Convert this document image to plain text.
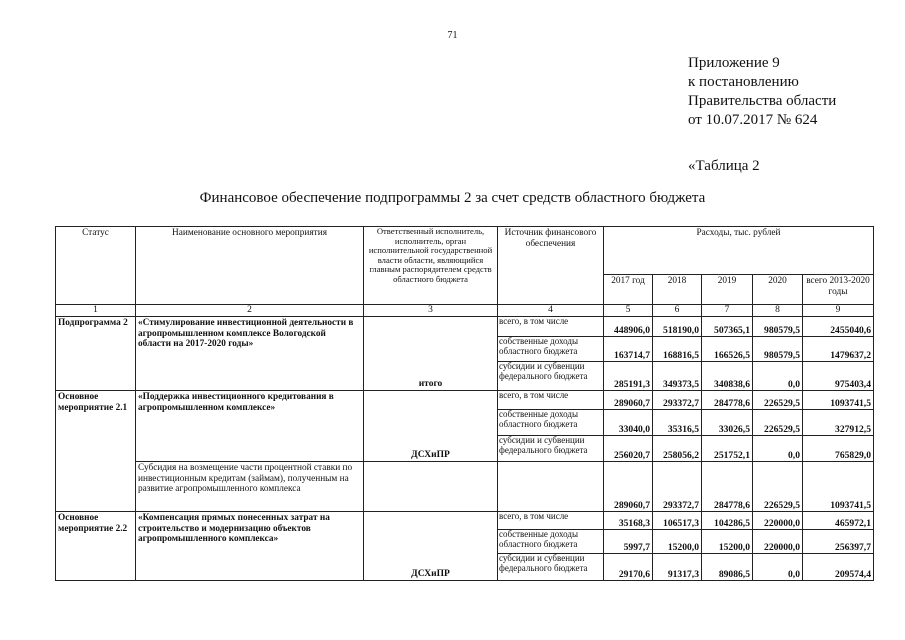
71
Приложение 9
к постановлению
Правительства области
от 10.07.2017 № 624
«Таблица 2
Финансовое обеспечение подпрограммы 2 за счет средств областного бюджета
Статус	Наименование основного мероприятия	Ответственный исполнитель, исполнитель, орган исполнительной государственной власти области, являющийся главным распорядителем средств областного бюджета	Источник финансового обеспечения	Расходы, тыс. рублей				
				2017 год	2018	2019	2020	всего 2013-2020 годы
1	2	3	4	5	6	7	8	9
Подпрограмма 2	«Стимулирование инвестиционной деятельности в агропромышленном комплексе Вологодской области на 2017-2020 годы»	итого	всего, в том числе	448906,0	518190,0	507365,1	980579,5	2455040,6
			собственные доходы областного бюджета	163714,7	168816,5	166526,5	980579,5	1479637,2
			субсидии и субвенции федерального бюджета	285191,3	349373,5	340838,6	0,0	975403,4
Основное мероприятие 2.1	«Поддержка инвестиционного кредитования в агропромышленном комплексе»	ДСХиПР	всего, в том числе	289060,7	293372,7	284778,6	226529,5	1093741,5
			собственные доходы областного бюджета	33040,0	35316,5	33026,5	226529,5	327912,5
			субсидии и субвенции федерального бюджета	256020,7	258056,2	251752,1	0,0	765829,0
	Субсидия на возмещение части процентной ставки по инвестиционным кредитам (займам), полученным на развитие агропромышленного комплекса			289060,7	293372,7	284778,6	226529,5	1093741,5
Основное мероприятие 2.2	«Компенсация прямых понесенных затрат на строительство и модернизацию объектов агропромышленного комплекса»	ДСХиПР	всего, в том числе	35168,3	106517,3	104286,5	220000,0	465972,1
			собственные доходы областного бюджета	5997,7	15200,0	15200,0	220000,0	256397,7
			субсидии и субвенции федерального бюджета	29170,6	91317,3	89086,5	0,0	209574,4
